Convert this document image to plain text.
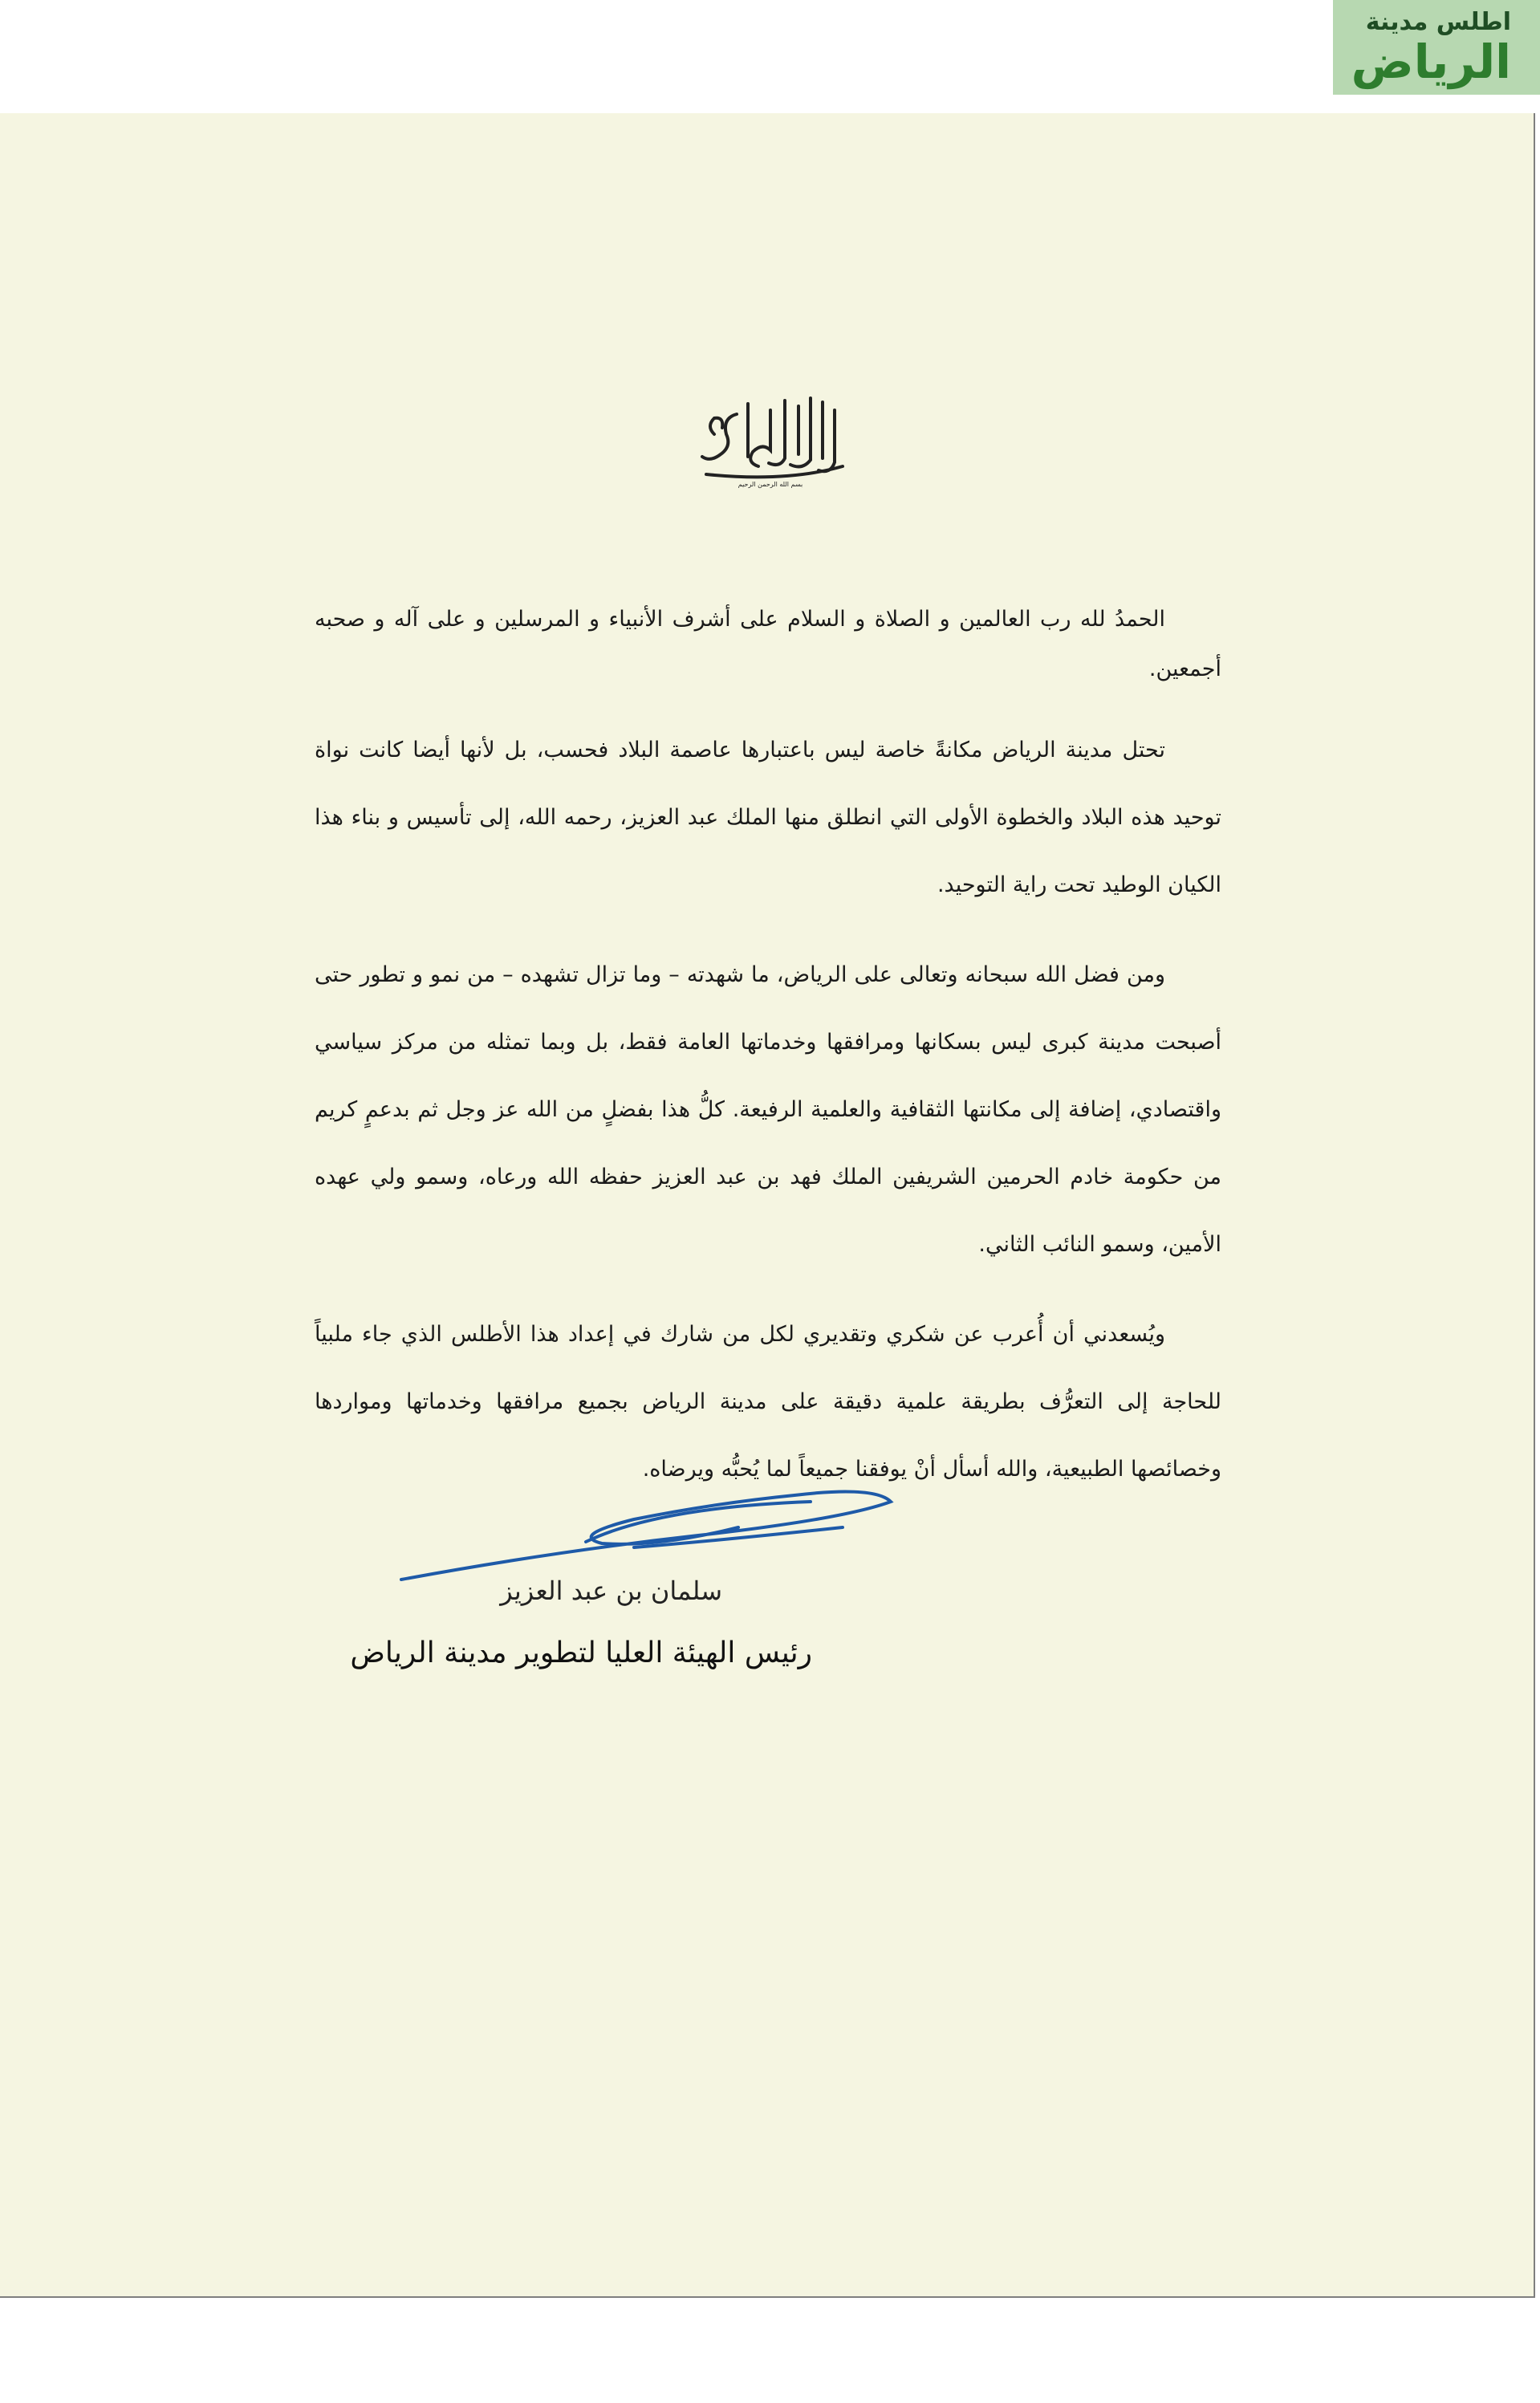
اطلس مدينة
الرياض
بسم الله الرحمن الرحيم

الحمدُ لله رب العالمين و الصلاة و السلام على أشرف الأنبياء و المرسلين و على آله و صحبه أجمعين.

تحتل مدينة الرياض مكانةً خاصة ليس باعتبارها عاصمة البلاد فحسب، بل لأنها أيضا كانت نواة توحيد هذه البلاد والخطوة الأولى التي انطلق منها الملك عبد العزيز، رحمه الله، إلى تأسيس و بناء هذا الكيان الوطيد تحت راية التوحيد.

ومن فضل الله سبحانه وتعالى على الرياض، ما شهدته – وما تزال تشهده – من نمو و تطور حتى أصبحت مدينة كبرى ليس بسكانها ومرافقها وخدماتها العامة فقط، بل وبما تمثله من مركز سياسي واقتصادي، إضافة إلى مكانتها الثقافية والعلمية الرفيعة. كلُّ هذا بفضلٍ من الله عز وجل ثم بدعمٍ كريم من حكومة خادم الحرمين الشريفين الملك فهد بن عبد العزيز حفظه الله ورعاه، وسمو ولي عهده الأمين، وسمو النائب الثاني.

ويُسعدني أن أُعرب عن شكري وتقديري لكل من شارك في إعداد هذا الأطلس الذي جاء ملبياً للحاجة إلى التعرُّف بطريقة علمية دقيقة على مدينة الرياض بجميع مرافقها وخدماتها ومواردها وخصائصها الطبيعية، والله أسأل أنْ يوفقنا جميعاً لما يُحبُّه ويرضاه.

سلمان بن عبد العزيز
رئيس الهيئة العليا لتطوير مدينة الرياض
